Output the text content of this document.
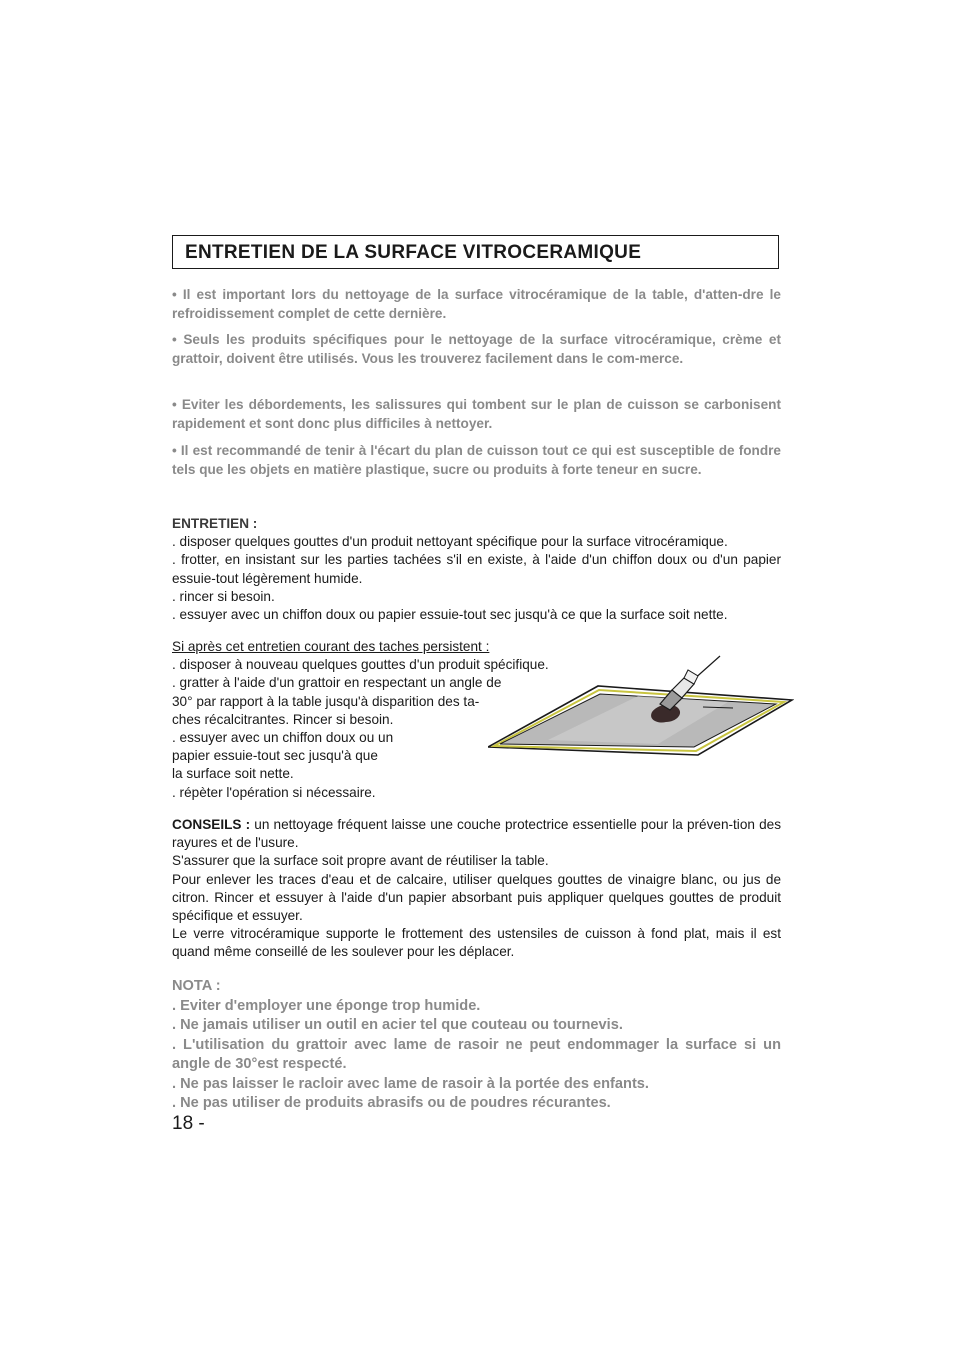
ENTRETIEN DE LA SURFACE VITROCERAMIQUE
• Il est important lors du nettoyage de la surface vitrocéramique de la table, d'atten-dre le refroidissement complet de cette dernière.
• Seuls les produits spécifiques pour le nettoyage de la surface vitrocéramique, crème et grattoir, doivent être utilisés. Vous les trouverez facilement dans le com-merce.
• Eviter les débordements, les salissures qui tombent sur le plan de cuisson se carbonisent rapidement et sont donc plus difficiles à nettoyer.
• Il est recommandé de tenir à l'écart du plan de cuisson tout ce qui est susceptible de fondre tels que les objets en matière plastique, sucre ou produits à forte teneur en sucre.
ENTRETIEN :
. disposer quelques gouttes d'un produit nettoyant spécifique pour la surface vitrocéramique.
. frotter, en insistant sur les parties tachées s'il en existe, à l'aide d'un chiffon doux ou d'un papier essuie-tout légèrement humide.
. rincer si besoin.
. essuyer avec un chiffon doux ou papier essuie-tout sec jusqu'à ce que la surface soit nette.
Si après cet entretien courant des taches persistent :
. disposer à nouveau quelques gouttes d'un produit spécifique.
. gratter à l'aide d'un grattoir en respectant un angle de
30° par rapport à la table jusqu'à disparition des ta-
ches récalcitrantes. Rincer si besoin.
. essuyer avec un chiffon doux ou un
papier essuie-tout sec jusqu'à que
la surface soit nette.
. répèter l'opération si nécessaire.
CONSEILS : un nettoyage fréquent laisse une couche protectrice essentielle pour la préven-tion des rayures et de l'usure.
S'assurer que la surface soit propre avant de réutiliser la table.
Pour enlever les traces d'eau et de calcaire, utiliser quelques gouttes de vinaigre blanc, ou jus de citron. Rincer et essuyer à l'aide d'un papier absorbant puis appliquer quelques gouttes de produit spécifique et essuyer.
Le verre vitrocéramique supporte le frottement des ustensiles de cuisson à fond plat, mais il est quand même conseillé de les soulever pour les déplacer.
NOTA :
. Eviter d'employer une éponge trop humide.
. Ne jamais utiliser un outil en acier tel que couteau ou tournevis.
. L'utilisation du grattoir avec lame de rasoir ne peut endommager la surface si un angle de 30°est respecté.
. Ne pas laisser le racloir avec lame de rasoir à la portée des enfants.
. Ne pas utiliser de produits abrasifs ou de poudres récurantes.
18 -
